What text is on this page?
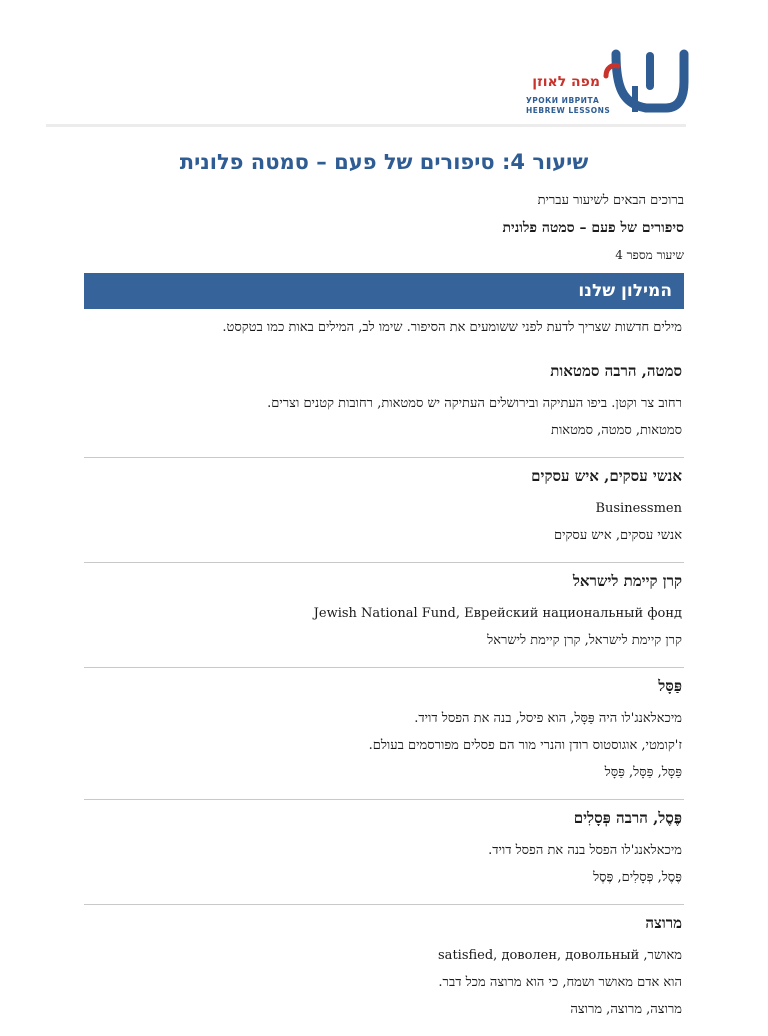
מפה לאוזן
УРОКИ ИВРИТА
HEBREW LESSONS
שיעור 4: סיפורים של פעם – סמטה פלונית

ברוכים הבאים לשיעור עברית

סיפורים של פעם – סמטה פלונית

שיעור מספר 4

המילון שלנו
מילים חדשות שצריך לדעת לפני ששומעים את הסיפור. שימו לב, המילים באות כמו בטקסט.
סמטה, הרבה סמטאות
רחוב צר וקטן. ביפו העתיקה ובירושלים העתיקה יש סמטאות, רחובות קטנים וצרים.
סמטאות, סמטה, סמטאות
אנשי עסקים, איש עסקים
Businessmen
אנשי עסקים, איש עסקים
קרן קיימת לישראל
Jewish National Fund, Еврейский национальный фонд
קרן קיימת לישראל, קרן קיימת לישראל
פַּסָּל
מיכאלאנג'לו היה פַּסָּל, הוא פיסל, בנה את הפסל דויד.
ז'קומטי, אוגוסטוס רודן והנרי מור הם פסלים מפורסמים בעולם.
פַּסָּל, פַּסָּל, פַּסָּל
פֶּסֶל, הרבה פְּסָלִים
מיכאלאנג'לו הפסל בנה את הפסל דויד.
פֶּסֶל, פְּסָלִים, פֶּסֶל
מרוצה
מאושר, satisfied, доволен, довольный
הוא אדם מאושר ושמח, כי הוא מרוצה מכל דבר.
מרוצה, מרוצה, מרוצה
